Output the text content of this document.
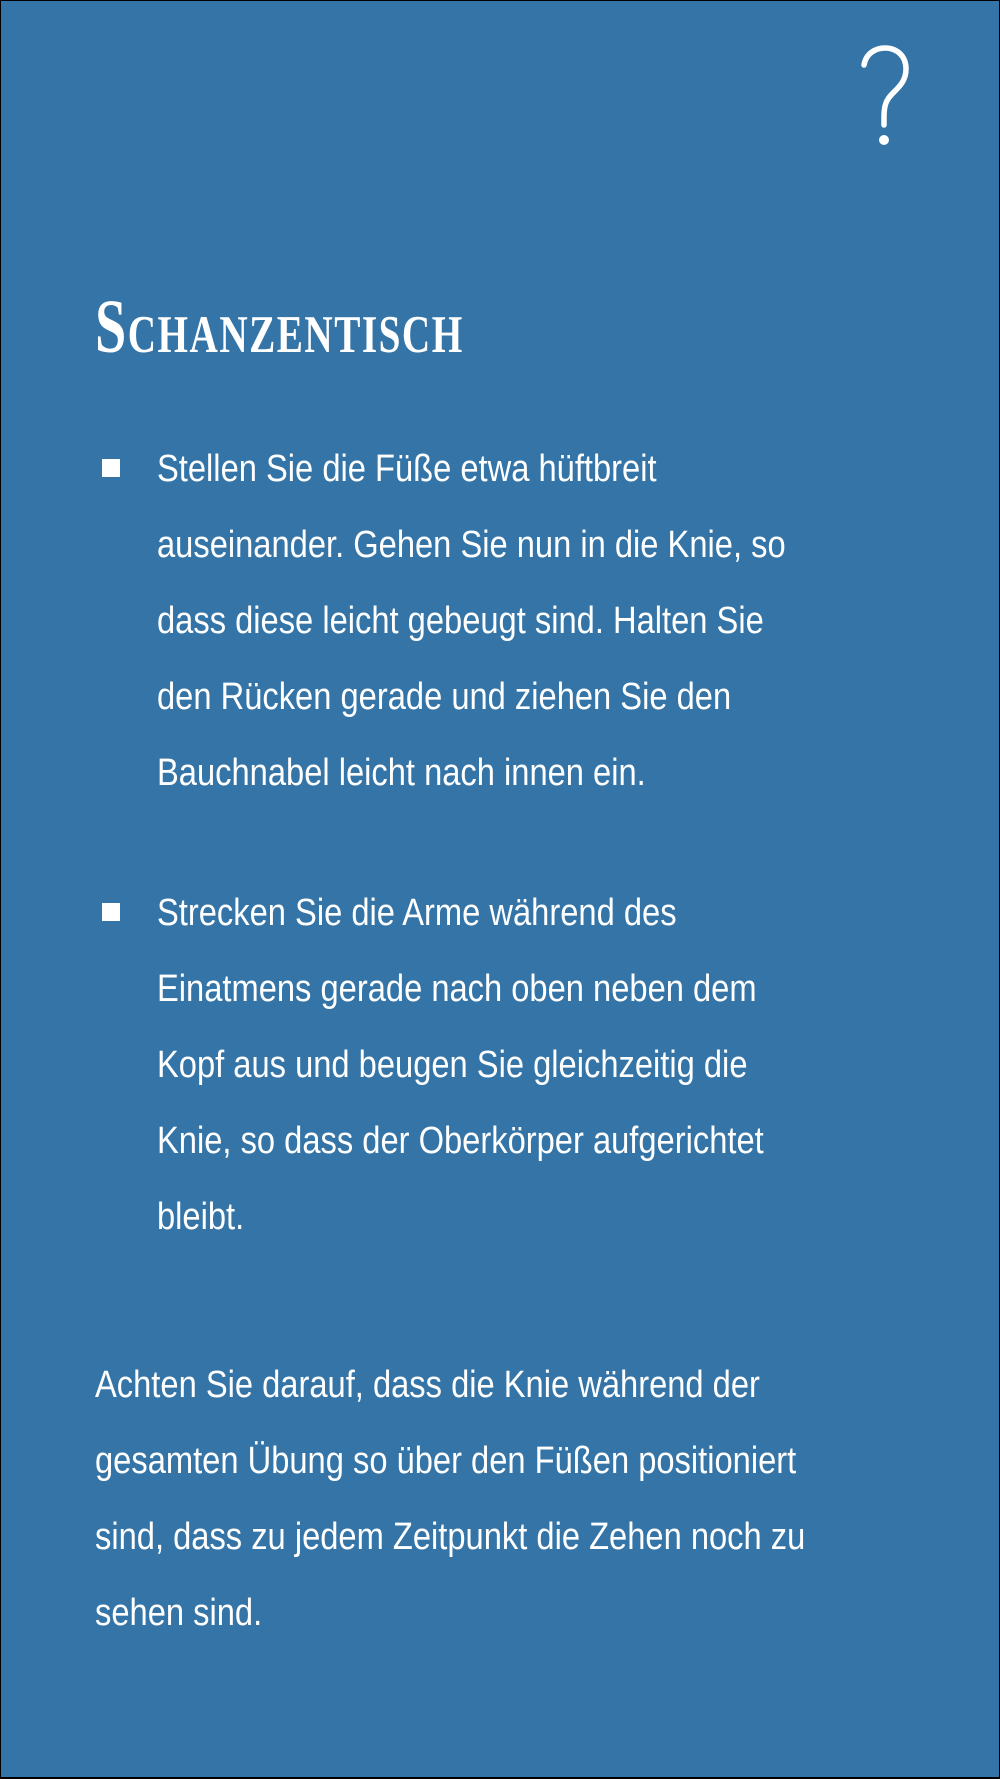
Schanzentisch
Stellen Sie die Füße etwa hüftbreit auseinander. Gehen Sie nun in die Knie, so dass diese leicht gebeugt sind. Halten Sie den Rücken gerade und ziehen Sie den Bauchnabel leicht nach innen ein.
Strecken Sie die Arme während des Einatmens gerade nach oben neben dem Kopf aus und beugen Sie gleichzeitig die Knie, so dass der Oberkörper aufgerichtet bleibt.

Achten Sie darauf, dass die Knie während der gesamten Übung so über den Füßen positioniert sind, dass zu jedem Zeitpunkt die Zehen noch zu sehen sind.
